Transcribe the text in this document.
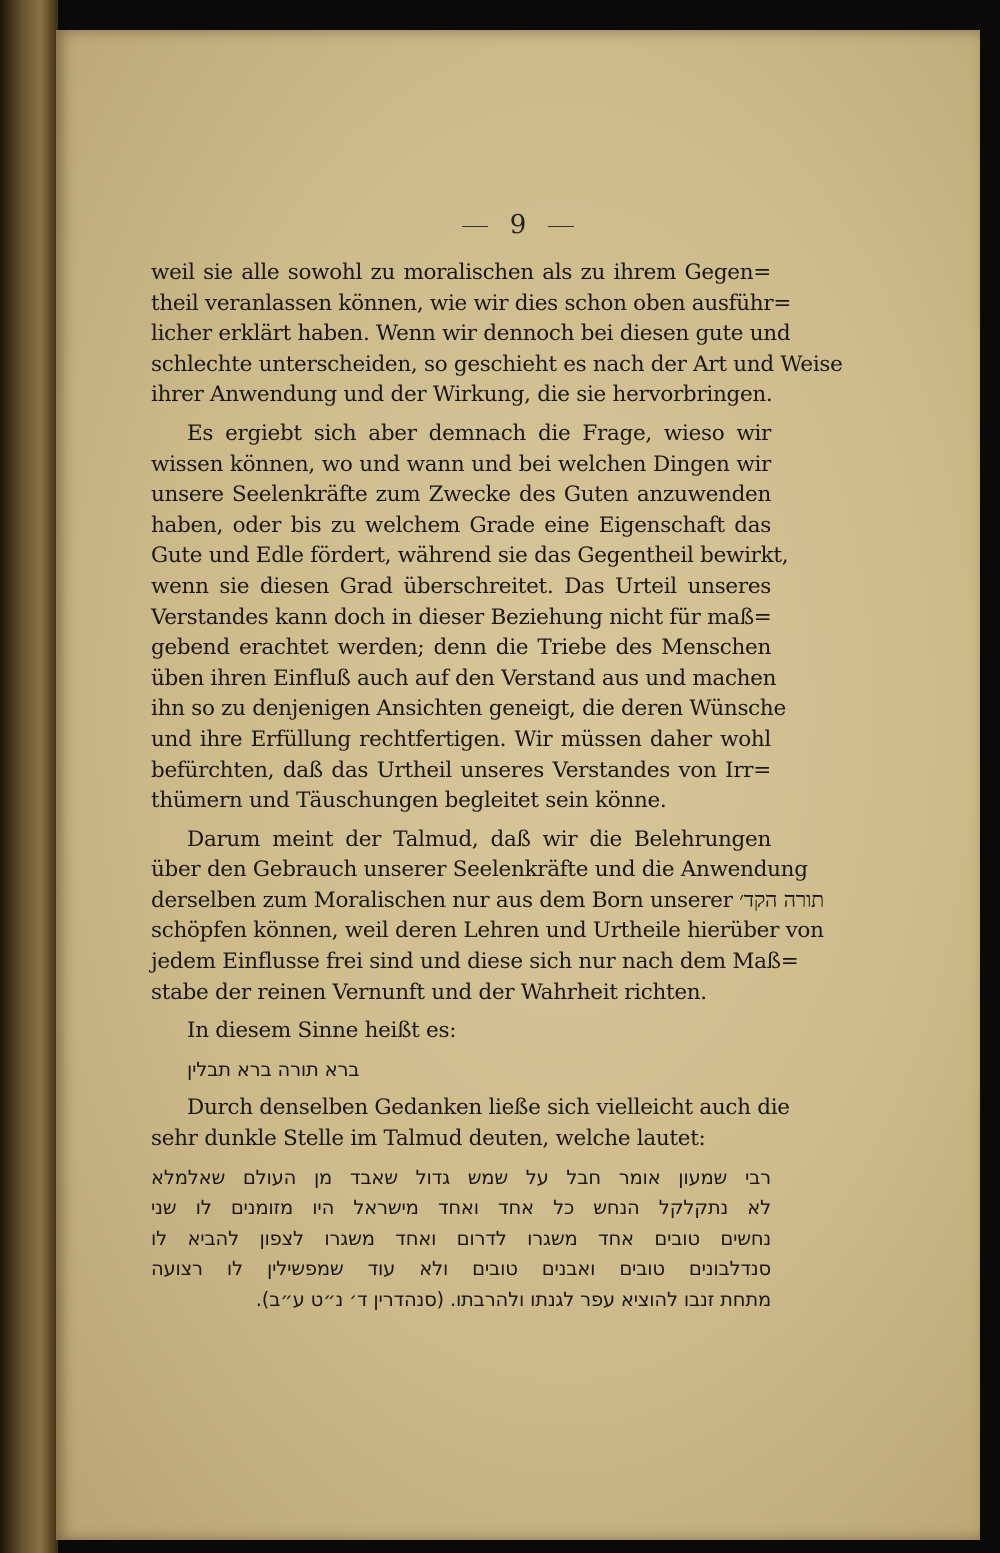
9
weil sie alle sowohl zu moralischen als zu ihrem Gegen=
theil veranlassen können, wie wir dies schon oben ausführ=
licher erklärt haben. Wenn wir dennoch bei diesen gute und
schlechte unterscheiden, so geschieht es nach der Art und Weise
ihrer Anwendung und der Wirkung, die sie hervorbringen.
Es ergiebt sich aber demnach die Frage, wieso wir
wissen können, wo und wann und bei welchen Dingen wir
unsere Seelenkräfte zum Zwecke des Guten anzuwenden
haben, oder bis zu welchem Grade eine Eigenschaft das
Gute und Edle fördert, während sie das Gegentheil bewirkt,
wenn sie diesen Grad überschreitet. Das Urteil unseres
Verstandes kann doch in dieser Beziehung nicht für maß=
gebend erachtet werden; denn die Triebe des Menschen
üben ihren Einfluß auch auf den Verstand aus und machen
ihn so zu denjenigen Ansichten geneigt, die deren Wünsche
und ihre Erfüllung rechtfertigen. Wir müssen daher wohl
befürchten, daß das Urtheil unseres Verstandes von Irr=
thümern und Täuschungen begleitet sein könne.
Darum meint der Talmud, daß wir die Belehrungen
über den Gebrauch unserer Seelenkräfte und die Anwendung
derselben zum Moralischen nur aus dem Born unserer תורה הקד׳
schöpfen können, weil deren Lehren und Urtheile hierüber von
jedem Einflusse frei sind und diese sich nur nach dem Maß=
stabe der reinen Vernunft und der Wahrheit richten.
In diesem Sinne heißt es:
ברא תורה ברא תבלין
Durch denselben Gedanken ließe sich vielleicht auch die
sehr dunkle Stelle im Talmud deuten, welche lautet:
רבי שמעון אומר חבל על שמש גדול שאבד מן העולם שאלמלא
לא נתקלקל הנחש כל אחד ואחד מישראל היו מזומנים לו שני
נחשים טובים אחד משגרו לדרום ואחד משגרו לצפון להביא לו
סנדלבונים טובים ואבנים טובים ולא עוד שמפשילין לו רצועה
מתחת זנבו להוציא עפר לגנתו ולהרבתו. (סנהדרין ד׳ נ״ט ע״ב).
